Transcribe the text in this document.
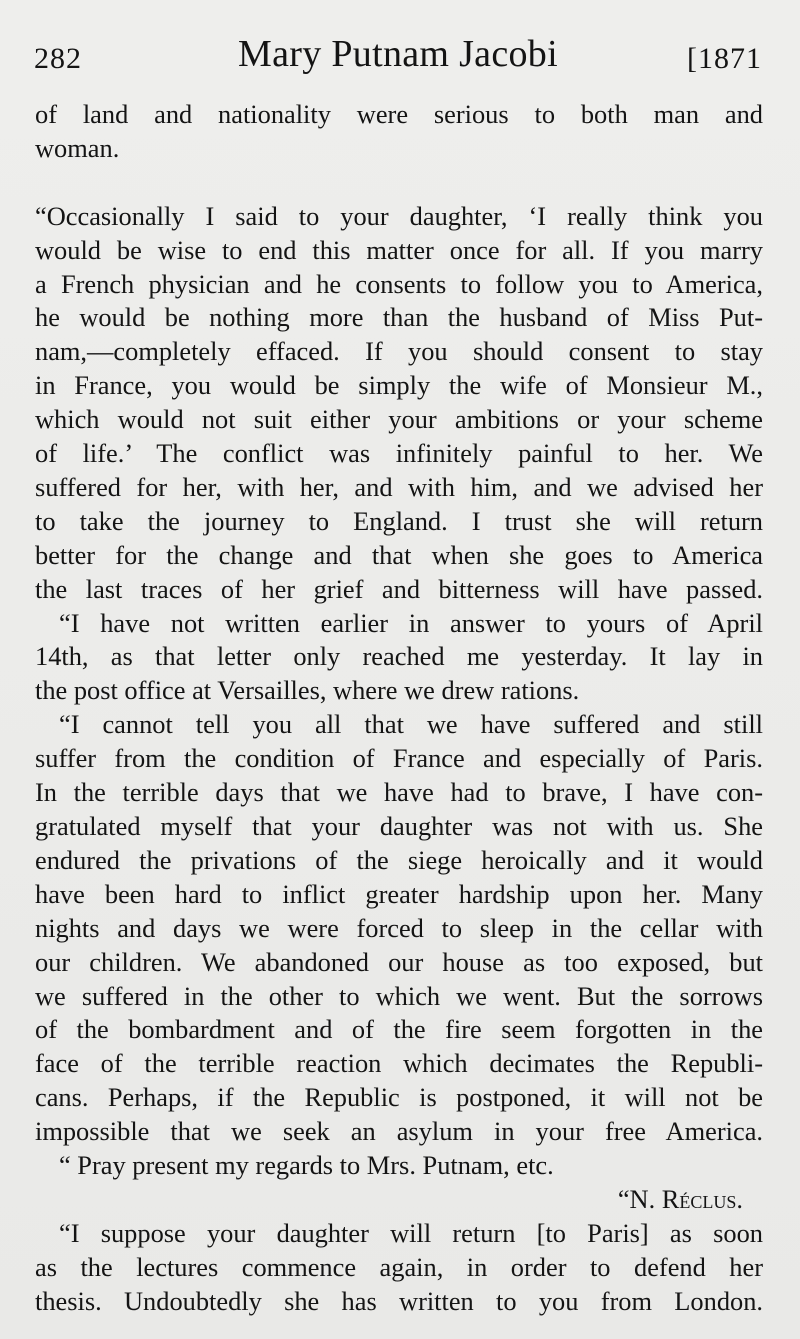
282	Mary Putnam Jacobi	[1871

of land and nationality were serious to both man and

woman.

“Occasionally I said to your daughter, ‘I really think you

would be wise to end this matter once for all. If you marry

a French physician and he consents to follow you to America,

he would be nothing more than the husband of Miss Put-

nam,—completely effaced. If you should consent to stay

in France, you would be simply the wife of Monsieur M.,

which would not suit either your ambitions or your scheme

of life.’ The conflict was infinitely painful to her. We

suffered for her, with her, and with him, and we advised her

to take the journey to England. I trust she will return

better for the change and that when she goes to America

the last traces of her grief and bitterness will have passed.

“I have not written earlier in answer to yours of April

14th, as that letter only reached me yesterday. It lay in

the post office at Versailles, where we drew rations.

“I cannot tell you all that we have suffered and still

suffer from the condition of France and especially of Paris.

In the terrible days that we have had to brave, I have con-

gratulated myself that your daughter was not with us. She

endured the privations of the siege heroically and it would

have been hard to inflict greater hardship upon her. Many

nights and days we were forced to sleep in the cellar with

our children. We abandoned our house as too exposed, but

we suffered in the other to which we went. But the sorrows

of the bombardment and of the fire seem forgotten in the

face of the terrible reaction which decimates the Republi-

cans. Perhaps, if the Republic is postponed, it will not be

impossible that we seek an asylum in your free America.

“ Pray present my regards to Mrs. Putnam, etc.

“N. Réclus.

“I suppose your daughter will return [to Paris] as soon

as the lectures commence again, in order to defend her

thesis. Undoubtedly she has written to you from London.
